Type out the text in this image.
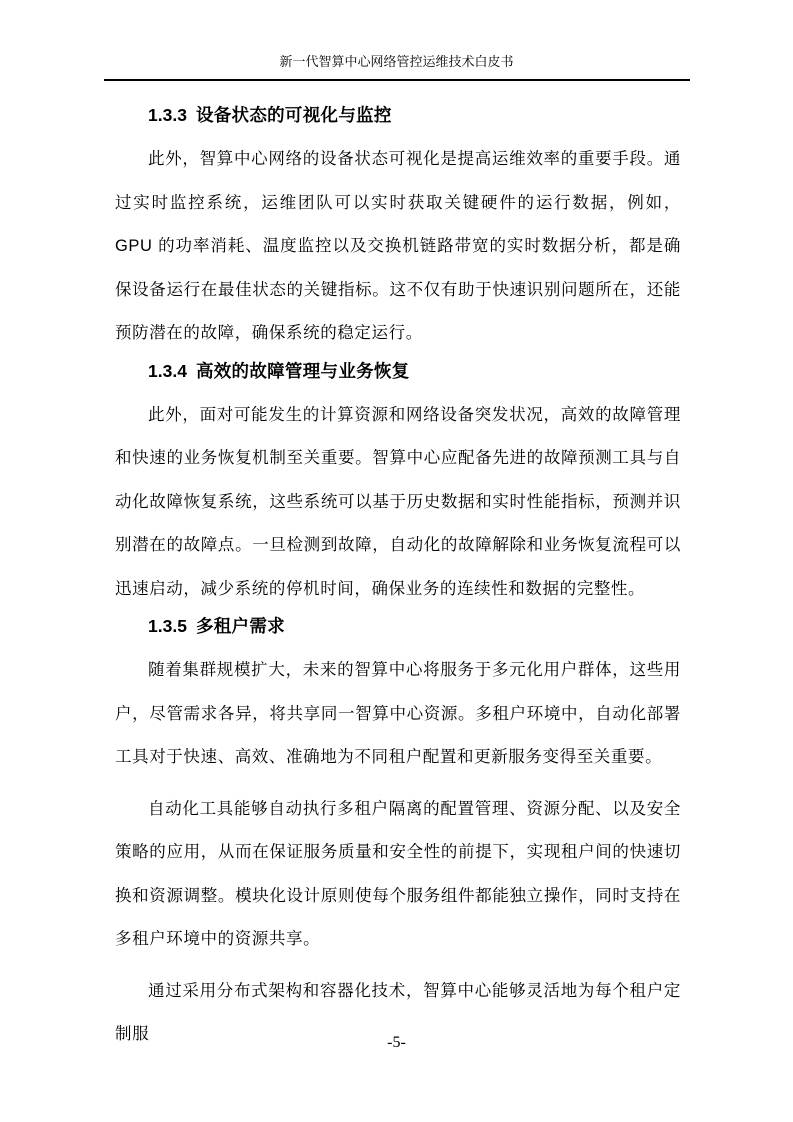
新一代智算中心网络管控运维技术白皮书
1.3.3 设备状态的可视化与监控

此外，智算中心网络的设备状态可视化是提高运维效率的重要手段。通过实时监控系统，运维团队可以实时获取关键硬件的运行数据，例如，GPU 的功率消耗、温度监控以及交换机链路带宽的实时数据分析，都是确保设备运行在最佳状态的关键指标。这不仅有助于快速识别问题所在，还能预防潜在的故障，确保系统的稳定运行。

1.3.4 高效的故障管理与业务恢复

此外，面对可能发生的计算资源和网络设备突发状况，高效的故障管理和快速的业务恢复机制至关重要。智算中心应配备先进的故障预测工具与自动化故障恢复系统，这些系统可以基于历史数据和实时性能指标，预测并识别潜在的故障点。一旦检测到故障，自动化的故障解除和业务恢复流程可以迅速启动，减少系统的停机时间，确保业务的连续性和数据的完整性。

1.3.5 多租户需求

随着集群规模扩大，未来的智算中心将服务于多元化用户群体，这些用户，尽管需求各异，将共享同一智算中心资源。多租户环境中，自动化部署工具对于快速、高效、准确地为不同租户配置和更新服务变得至关重要。

自动化工具能够自动执行多租户隔离的配置管理、资源分配、以及安全策略的应用，从而在保证服务质量和安全性的前提下，实现租户间的快速切换和资源调整。模块化设计原则使每个服务组件都能独立操作，同时支持在多租户环境中的资源共享。

通过采用分布式架构和容器化技术，智算中心能够灵活地为每个租户定制服	-5-
